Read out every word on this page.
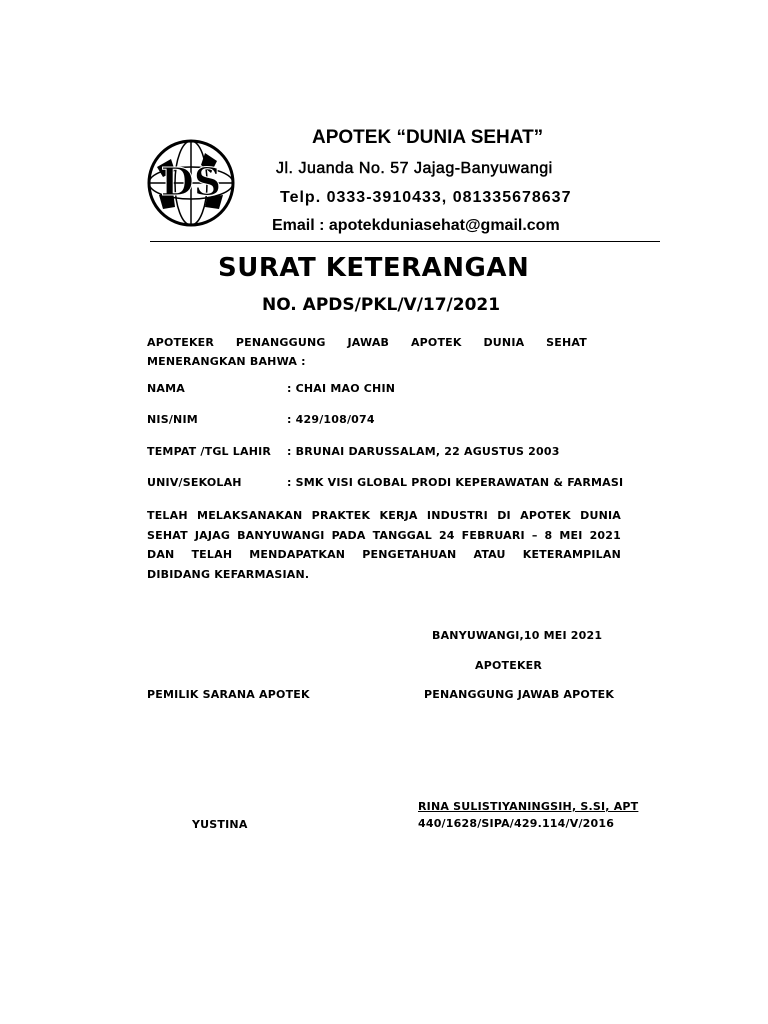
DS
APOTEK “DUNIA SEHAT”
Jl. Juanda No. 57 Jajag-Banyuwangi
Telp. 0333-3910433, 081335678637
Email : apotekduniasehat@gmail.com
SURAT KETERANGAN
NO. APDS/PKL/V/17/2021
APOTEKER PENANGGUNG JAWAB APOTEK DUNIA SEHAT MENERANGKAN BAHWA :
NAMA	: CHAI MAO CHIN
NIS/NIM	: 429/108/074
TEMPAT /TGL LAHIR : BRUNAI DARUSSALAM, 22 AGUSTUS 2003
UNIV/SEKOLAH	: SMK VISI GLOBAL PRODI KEPERAWATAN & FARMASI
TELAH MELAKSANAKAN PRAKTEK KERJA INDUSTRI DI APOTEK DUNIA SEHAT JAJAG BANYUWANGI PADA TANGGAL 24 FEBRUARI – 8 MEI 2021 DAN TELAH MENDAPATKAN PENGETAHUAN ATAU KETERAMPILAN DIBIDANG KEFARMASIAN.
BANYUWANGI,10 MEI 2021
APOTEKER
PEMILIK SARANA APOTEK	PENANGGUNG JAWAB APOTEK
RINA SULISTIYANINGSIH, S.SI, APT
440/1628/SIPA/429.114/V/2016
YUSTINA
